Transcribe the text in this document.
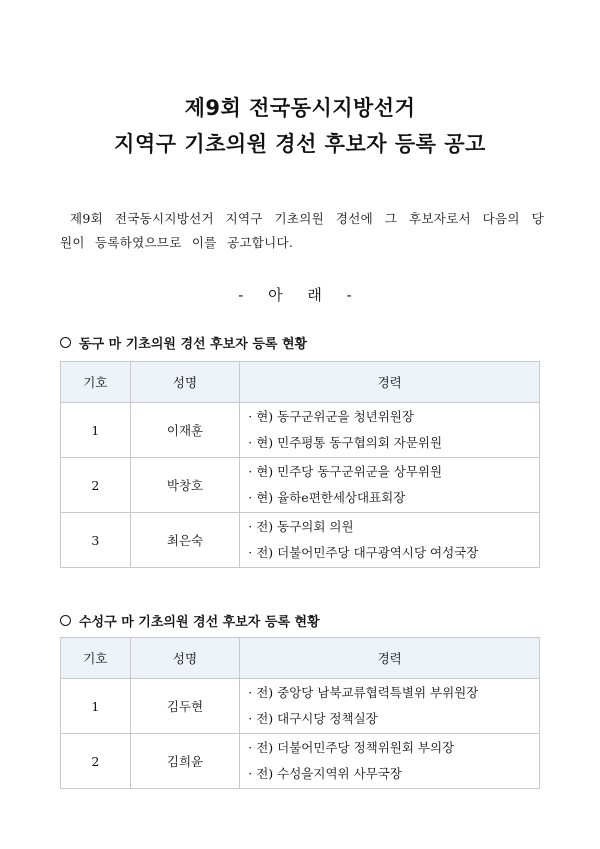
제9회 전국동시지방선거
지역구 기초의원 경선 후보자 등록 공고
제9회 전국동시지방선거 지역구 기초의원 경선에 그 후보자로서 다음의 당원이 등록하였으므로 이를 공고합니다.
- 아 래 -
동구 마 기초의원 경선 후보자 등록 현황
기호	성명	경력
1	이재훈	· 현) 동구군위군을 청년위원장
· 현) 민주평통 동구협의회 자문위원

2	박창호	· 현) 민주당 동구군위군을 상무위원
· 현) 율하e편한세상대표회장

3	최은숙	· 전) 동구의회 의원
· 전) 더불어민주당 대구광역시당 여성국장
수성구 마 기초의원 경선 후보자 등록 현황
기호	성명	경력
1	김두현	· 전) 중앙당 남북교류협력특별위 부위원장
· 전) 대구시당 정책실장

2	김희윤	· 전) 더불어민주당 정책위원회 부의장
· 전) 수성을지역위 사무국장
